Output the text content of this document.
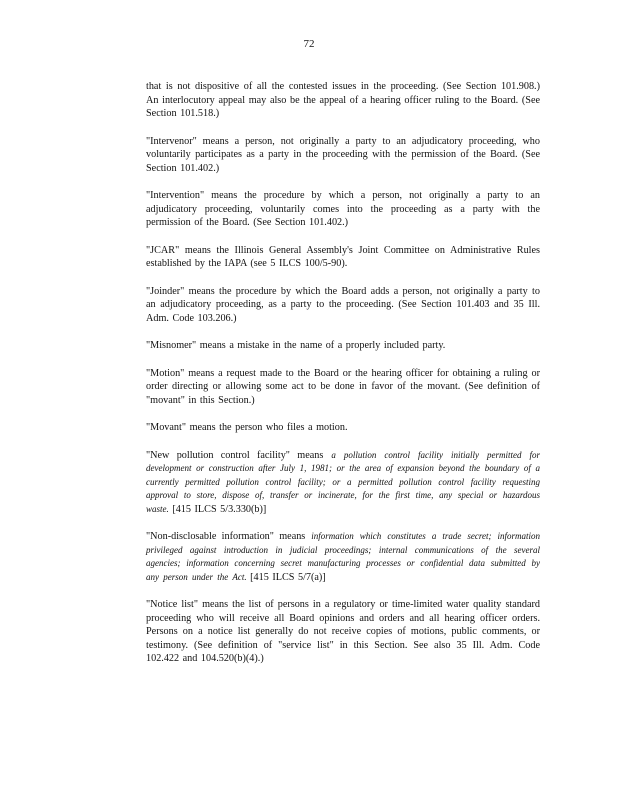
72

that is not dispositive of all the contested issues in the proceeding. (See Section 101.908.) An interlocutory appeal may also be the appeal of a hearing officer ruling to the Board. (See Section 101.518.)

"Intervenor" means a person, not originally a party to an adjudicatory proceeding, who voluntarily participates as a party in the proceeding with the permission of the Board. (See Section 101.402.)

"Intervention" means the procedure by which a person, not originally a party to an adjudicatory proceeding, voluntarily comes into the proceeding as a party with the permission of the Board. (See Section 101.402.)

"JCAR" means the Illinois General Assembly's Joint Committee on Administrative Rules established by the IAPA (see 5 ILCS 100/5-90).

"Joinder" means the procedure by which the Board adds a person, not originally a party to an adjudicatory proceeding, as a party to the proceeding. (See Section 101.403 and 35 Ill. Adm. Code 103.206.)

"Misnomer" means a mistake in the name of a properly included party.

"Motion" means a request made to the Board or the hearing officer for obtaining a ruling or order directing or allowing some act to be done in favor of the movant. (See definition of "movant" in this Section.)

"Movant" means the person who files a motion.

"New pollution control facility" means a pollution control facility initially permitted for development or construction after July 1, 1981; or the area of expansion beyond the boundary of a currently permitted pollution control facility; or a permitted pollution control facility requesting approval to store, dispose of, transfer or incinerate, for the first time, any special or hazardous waste. [415 ILCS 5/3.330(b)]

"Non-disclosable information" means information which constitutes a trade secret; information privileged against introduction in judicial proceedings; internal communications of the several agencies; information concerning secret manufacturing processes or confidential data submitted by any person under the Act. [415 ILCS 5/7(a)]

"Notice list" means the list of persons in a regulatory or time-limited water quality standard proceeding who will receive all Board opinions and orders and all hearing officer orders. Persons on a notice list generally do not receive copies of motions, public comments, or testimony. (See definition of "service list" in this Section. See also 35 Ill. Adm. Code 102.422 and 104.520(b)(4).)
